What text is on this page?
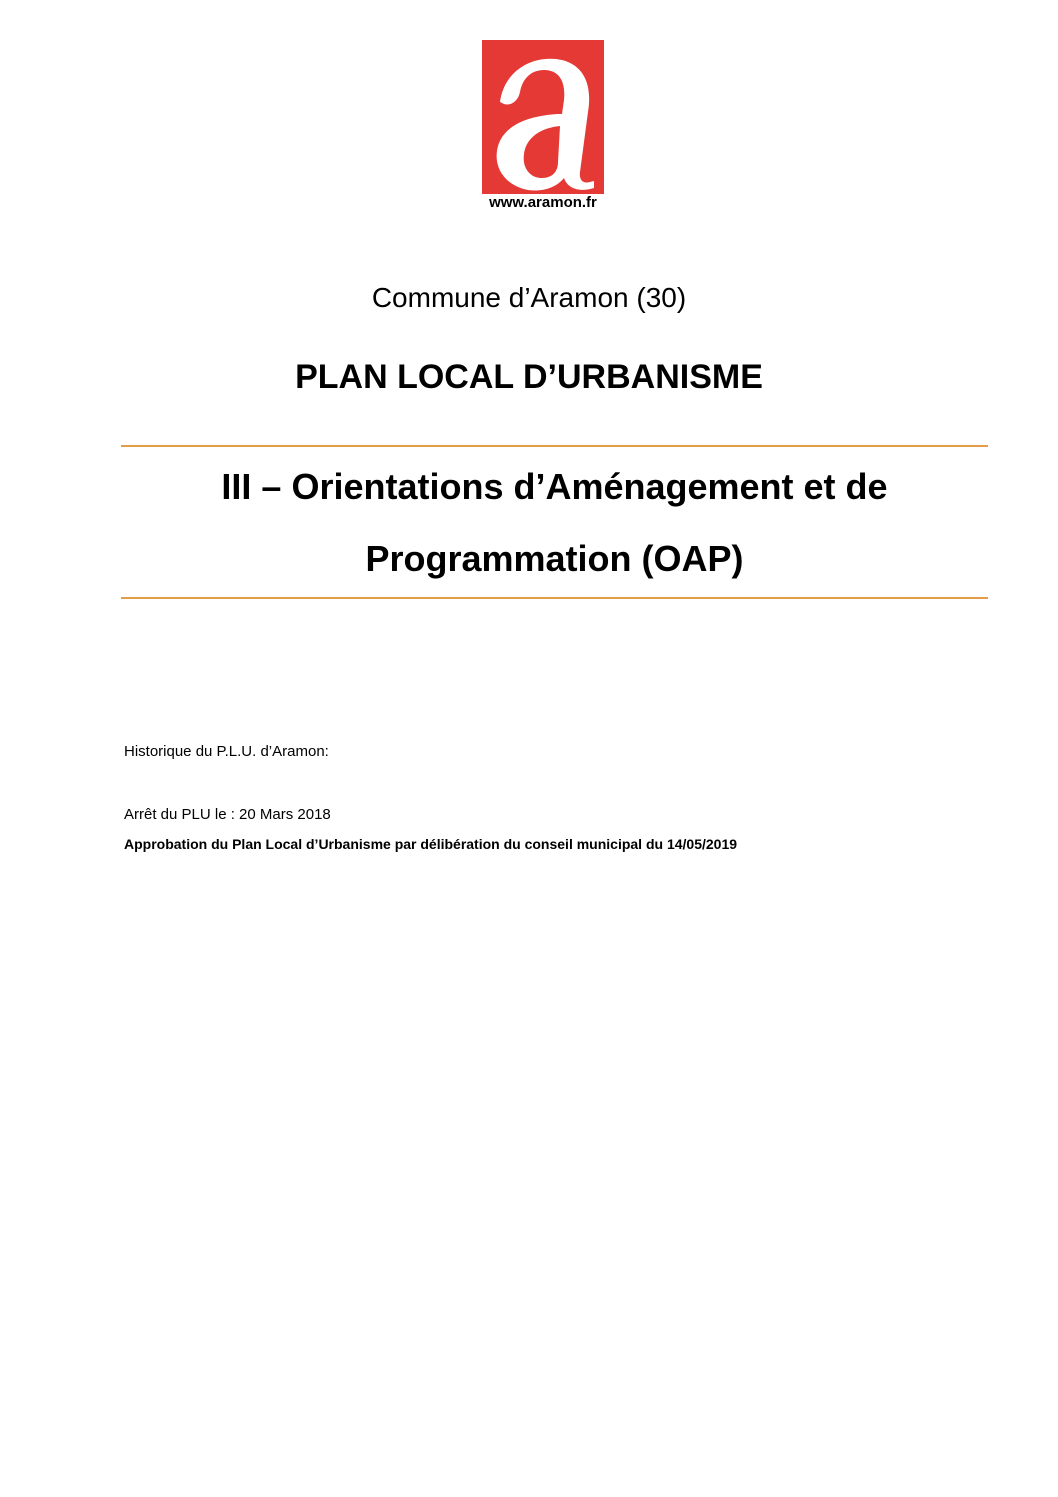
www.aramon.fr
Commune d’Aramon (30)
PLAN LOCAL D’URBANISME
III – Orientations d’Aménagement et de
Programmation (OAP)
Historique du P.L.U. d’Aramon:
Arrêt du PLU le : 20 Mars 2018
Approbation du Plan Local d’Urbanisme par délibération du conseil municipal du 14/05/2019
